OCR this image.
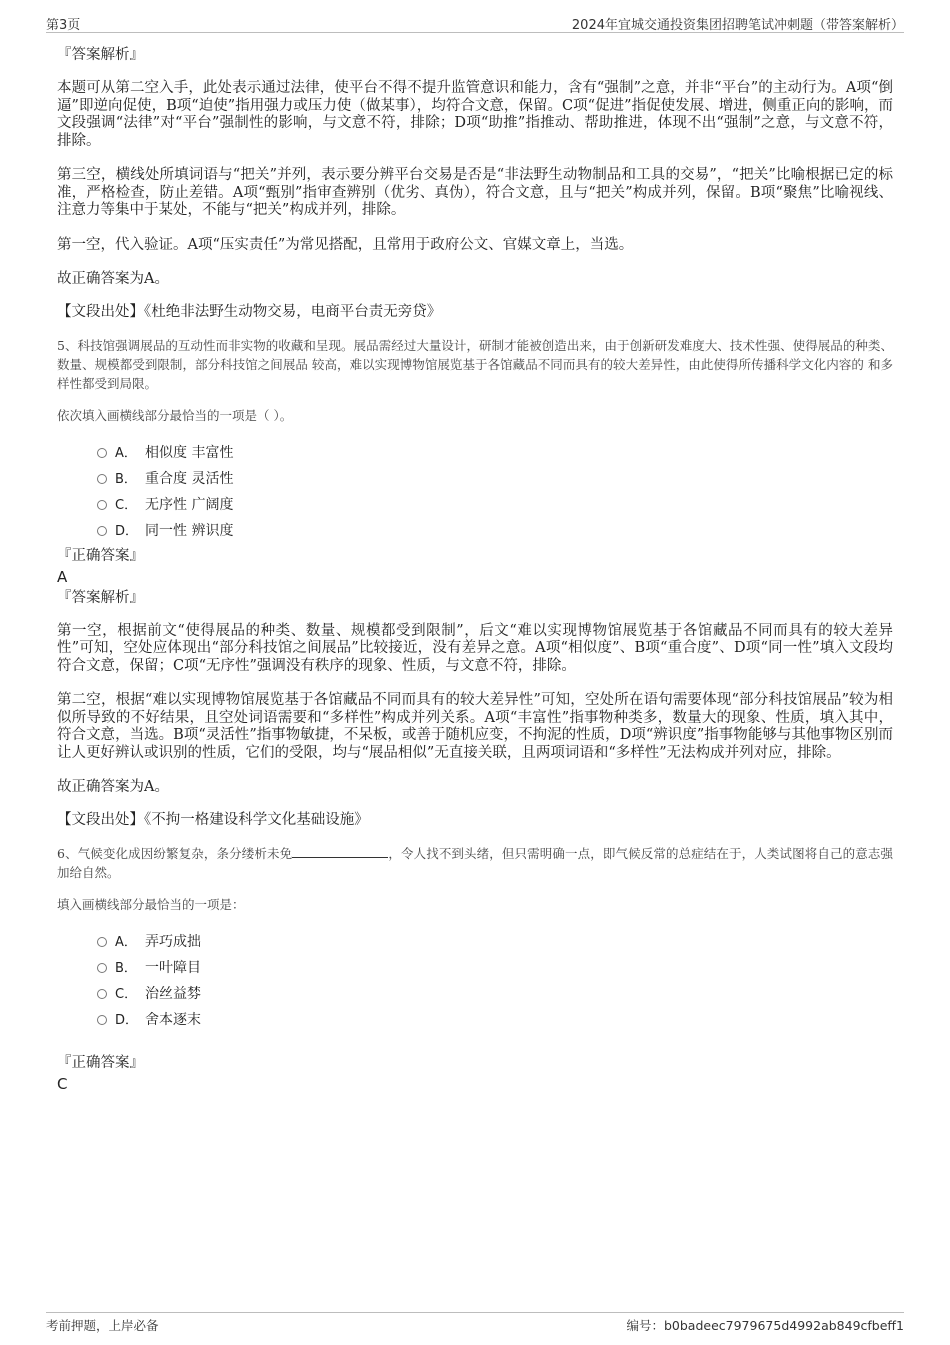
第3页	2024年宜城交通投资集团招聘笔试冲刺题（带答案解析）

『答案解析』

本题可从第二空入手，此处表示通过法律，使平台不得不提升监管意识和能力，含有“强制”之意，并非“平台”的主动行为。A项“倒逼”即逆向促使，B项“迫使”指用强力或压力使（做某事），均符合文意，保留。C项“促进”指促使发展、增进，侧重正向的影响，而文段强调“法律”对“平台”强制性的影响，与文意不符，排除；D项“助推”指推动、帮助推进，体现不出“强制”之意，与文意不符，排除。

第三空，横线处所填词语与“把关”并列，表示要分辨平台交易是否是“非法野生动物制品和工具的交易”，“把关”比喻根据已定的标准，严格检查，防止差错。A项“甄别”指审查辨别（优劣、真伪），符合文意，且与“把关”构成并列，保留。B项“聚焦”比喻视线、注意力等集中于某处，不能与“把关”构成并列，排除。

第一空，代入验证。A项“压实责任”为常见搭配，且常用于政府公文、官媒文章上，当选。

故正确答案为A。

【文段出处】《杜绝非法野生动物交易，电商平台责无旁贷》

5、科技馆强调展品的互动性而非实物的收藏和呈现。展品需经过大量设计，研制才能被创造出来，由于创新研发难度大、技术性强、使得展品的种类、数量、规模都受到限制，部分科技馆之间展品 较高，难以实现博物馆展览基于各馆藏品不同而具有的较大差异性，由此使得所传播科学文化内容的 和多样性都受到局限。

依次填入画横线部分最恰当的一项是（ ）。

A． 相似度 丰富性
B． 重合度 灵活性
C． 无序性 广阔度
D． 同一性 辨识度

『正确答案』

A

『答案解析』

第一空，根据前文“使得展品的种类、数量、规模都受到限制”，后文“难以实现博物馆展览基于各馆藏品不同而具有的较大差异性”可知，空处应体现出“部分科技馆之间展品”比较接近，没有差异之意。A项“相似度”、B项“重合度”、D项“同一性”填入文段均符合文意，保留；C项“无序性”强调没有秩序的现象、性质，与文意不符，排除。

第二空，根据“难以实现博物馆展览基于各馆藏品不同而具有的较大差异性”可知，空处所在语句需要体现“部分科技馆展品”较为相似所导致的不好结果，且空处词语需要和“多样性”构成并列关系。A项“丰富性”指事物种类多，数量大的现象、性质，填入其中，符合文意，当选。B项“灵活性”指事物敏捷，不呆板，或善于随机应变，不拘泥的性质，D项“辨识度”指事物能够与其他事物区别而让人更好辨认或识别的性质，它们的受限，均与“展品相似”无直接关联，且两项词语和“多样性”无法构成并列对应，排除。

故正确答案为A。

【文段出处】《不拘一格建设科学文化基础设施》

6、气候变化成因纷繁复杂，条分缕析未免	，令人找不到头绪，但只需明确一点，即气候反常的总症结在于，人类试图将自己的意志强加给自然。

填入画横线部分最恰当的一项是：

A． 弄巧成拙
B． 一叶障目
C． 治丝益棼
D． 舍本逐末

『正确答案』

C

考前押题，上岸必备	编号：b0badeec7979675d4992ab849cfbeff1
